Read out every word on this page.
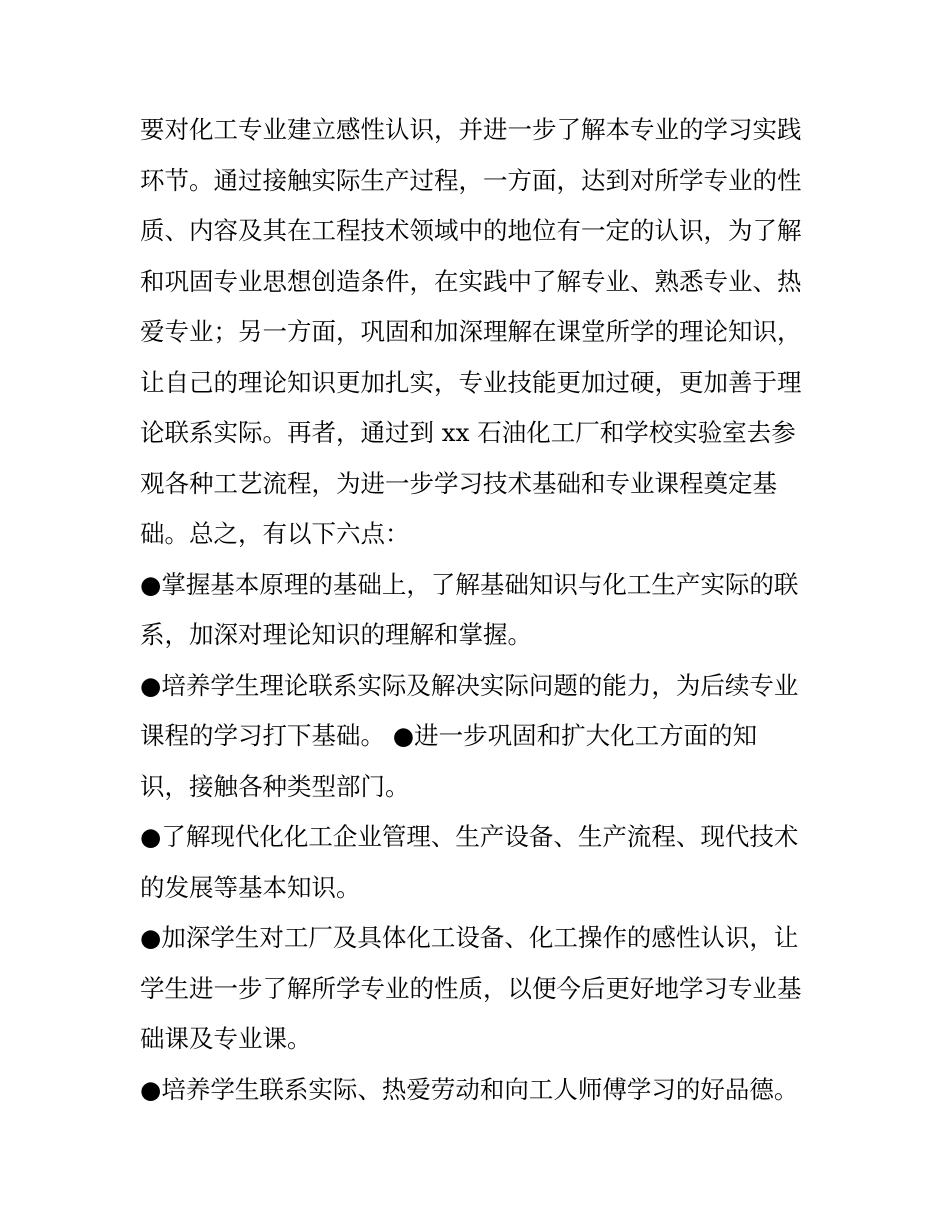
要对化工专业建立感性认识，并进一步了解本专业的学习实践
环节。通过接触实际生产过程，一方面，达到对所学专业的性
质、内容及其在工程技术领域中的地位有一定的认识，为了解
和巩固专业思想创造条件，在实践中了解专业、熟悉专业、热
爱专业；另一方面，巩固和加深理解在课堂所学的理论知识，
让自己的理论知识更加扎实，专业技能更加过硬，更加善于理
论联系实际。再者，通过到 xx 石油化工厂和学校实验室去参
观各种工艺流程，为进一步学习技术基础和专业课程奠定基
础。总之，有以下六点：
●掌握基本原理的基础上，了解基础知识与化工生产实际的联
系，加深对理论知识的理解和掌握。
●培养学生理论联系实际及解决实际问题的能力，为后续专业
课程的学习打下基础。 ●进一步巩固和扩大化工方面的知
识，接触各种类型部门。
●了解现代化化工企业管理、生产设备、生产流程、现代技术
的发展等基本知识。
●加深学生对工厂及具体化工设备、化工操作的感性认识，让
学生进一步了解所学专业的性质，以便今后更好地学习专业基
础课及专业课。
●培养学生联系实际、热爱劳动和向工人师傅学习的好品德。
